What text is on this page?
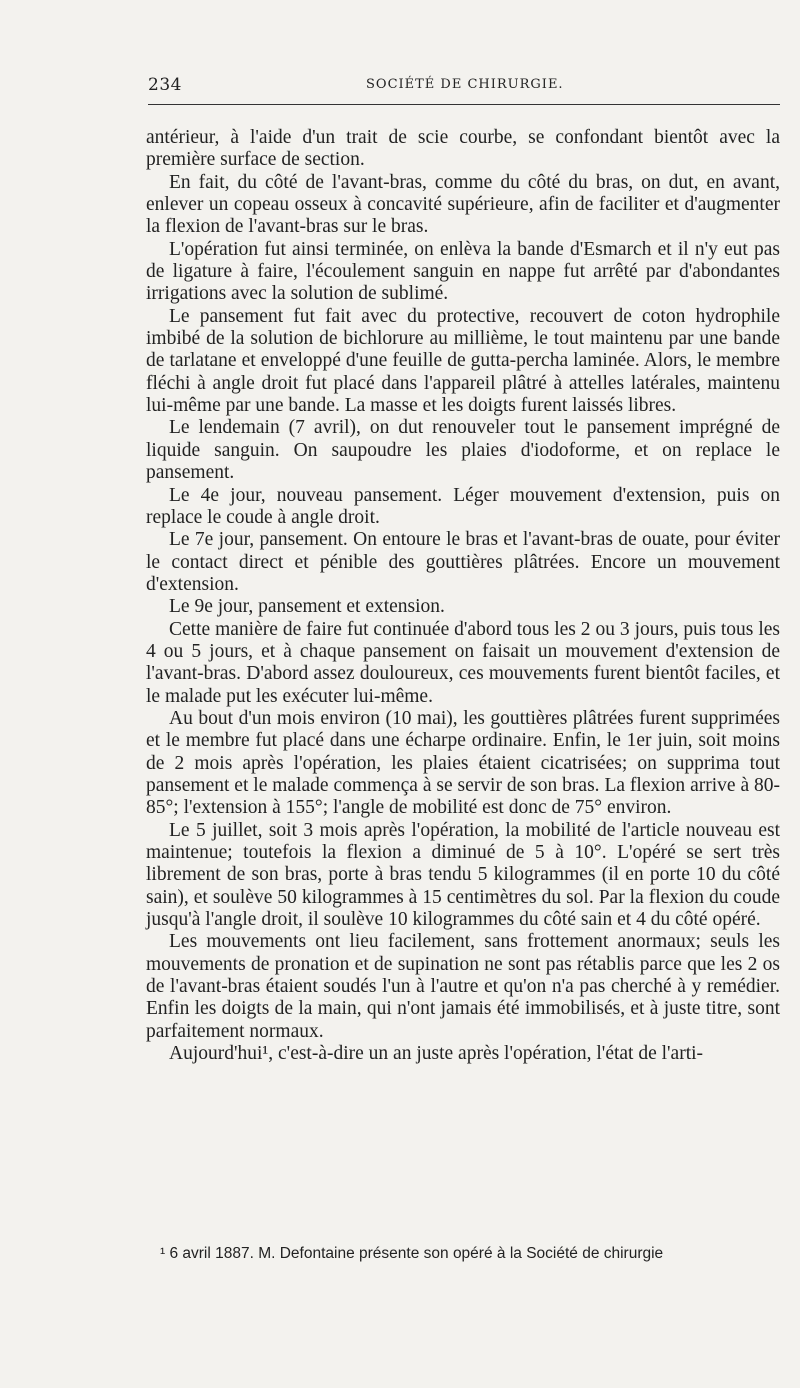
234	SOCIÉTÉ DE CHIRURGIE.

antérieur, à l'aide d'un trait de scie courbe, se confondant bientôt avec la première surface de section.

En fait, du côté de l'avant-bras, comme du côté du bras, on dut, en avant, enlever un copeau osseux à concavité supérieure, afin de faciliter et d'augmenter la flexion de l'avant-bras sur le bras.

L'opération fut ainsi terminée, on enlèva la bande d'Esmarch et il n'y eut pas de ligature à faire, l'écoulement sanguin en nappe fut arrêté par d'abondantes irrigations avec la solution de sublimé.

Le pansement fut fait avec du protective, recouvert de coton hydrophile imbibé de la solution de bichlorure au millième, le tout maintenu par une bande de tarlatane et enveloppé d'une feuille de gutta-percha laminée. Alors, le membre fléchi à angle droit fut placé dans l'appareil plâtré à attelles latérales, maintenu lui-même par une bande. La masse et les doigts furent laissés libres.

Le lendemain (7 avril), on dut renouveler tout le pansement imprégné de liquide sanguin. On saupoudre les plaies d'iodoforme, et on replace le pansement.

Le 4e jour, nouveau pansement. Léger mouvement d'extension, puis on replace le coude à angle droit.

Le 7e jour, pansement. On entoure le bras et l'avant-bras de ouate, pour éviter le contact direct et pénible des gouttières plâtrées. Encore un mouvement d'extension.

Le 9e jour, pansement et extension.

Cette manière de faire fut continuée d'abord tous les 2 ou 3 jours, puis tous les 4 ou 5 jours, et à chaque pansement on faisait un mouvement d'extension de l'avant-bras. D'abord assez douloureux, ces mouvements furent bientôt faciles, et le malade put les exécuter lui-même.

Au bout d'un mois environ (10 mai), les gouttières plâtrées furent supprimées et le membre fut placé dans une écharpe ordinaire. Enfin, le 1er juin, soit moins de 2 mois après l'opération, les plaies étaient cicatrisées; on supprima tout pansement et le malade commença à se servir de son bras. La flexion arrive à 80-85°; l'extension à 155°; l'angle de mobilité est donc de 75° environ.

Le 5 juillet, soit 3 mois après l'opération, la mobilité de l'article nouveau est maintenue; toutefois la flexion a diminué de 5 à 10°. L'opéré se sert très librement de son bras, porte à bras tendu 5 kilogrammes (il en porte 10 du côté sain), et soulève 50 kilogrammes à 15 centimètres du sol. Par la flexion du coude jusqu'à l'angle droit, il soulève 10 kilogrammes du côté sain et 4 du côté opéré.

Les mouvements ont lieu facilement, sans frottement anormaux; seuls les mouvements de pronation et de supination ne sont pas rétablis parce que les 2 os de l'avant-bras étaient soudés l'un à l'autre et qu'on n'a pas cherché à y remédier. Enfin les doigts de la main, qui n'ont jamais été immobilisés, et à juste titre, sont parfaitement normaux.

Aujourd'hui¹, c'est-à-dire un an juste après l'opération, l'état de l'arti-

¹ 6 avril 1887. M. Defontaine présente son opéré à la Société de chirurgie
